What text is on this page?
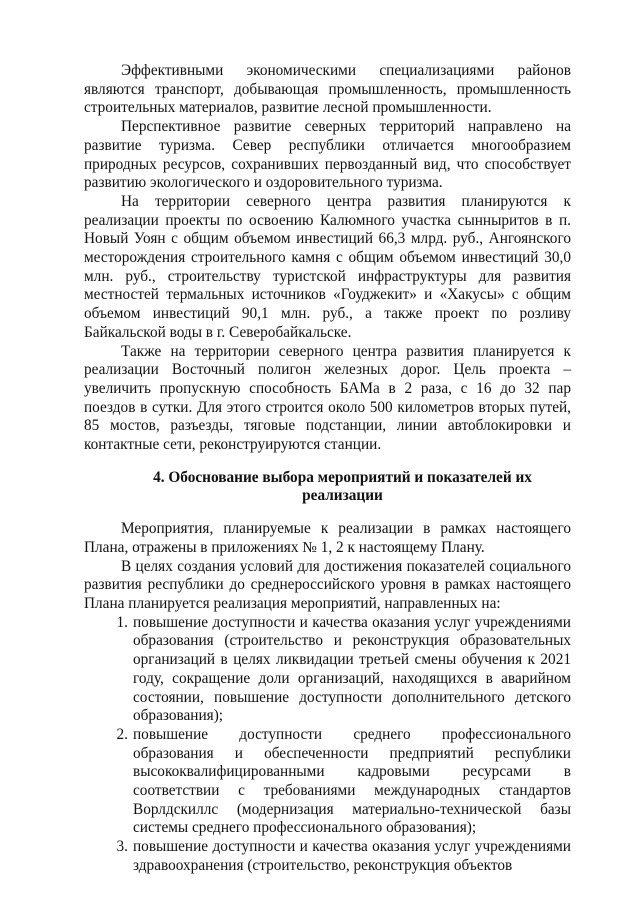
Эффективными экономическими специализациями районов являются транспорт, добывающая промышленность, промышленность строительных материалов, развитие лесной промышленности.

Перспективное развитие северных территорий направлено на развитие туризма. Север республики отличается многообразием природных ресурсов, сохранивших первозданный вид, что способствует развитию экологического и оздоровительного туризма.

На территории северного центра развития планируются к реализации проекты по освоению Калюмного участка сынныритов в п. Новый Уоян с общим объемом инвестиций 66,3 млрд. руб., Ангоянского месторождения строительного камня с общим объемом инвестиций 30,0 млн. руб., строительству туристской инфраструктуры для развития местностей термальных источников «Гоуджекит» и «Хакусы» с общим объемом инвестиций 90,1 млн. руб., а также проект по розливу Байкальской воды в г. Северобайкальске.

Также на территории северного центра развития планируется к реализации Восточный полигон железных дорог. Цель проекта – увеличить пропускную способность БАМа в 2 раза, с 16 до 32 пар поездов в сутки. Для этого строится около 500 километров вторых путей, 85 мостов, разъезды, тяговые подстанции, линии автоблокировки и контактные сети, реконструируются станции.

4. Обоснование выбора мероприятий и показателей их реализации

Мероприятия, планируемые к реализации в рамках настоящего Плана, отражены в приложениях № 1, 2 к настоящему Плану.

В целях создания условий для достижения показателей социального развития республики до среднероссийского уровня в рамках настоящего Плана планируется реализация мероприятий, направленных на:

1. повышение доступности и качества оказания услуг учреждениями образования (строительство и реконструкция образовательных организаций в целях ликвидации третьей смены обучения к 2021 году, сокращение доли организаций, находящихся в аварийном состоянии, повышение доступности дополнительного детского образования);
2. повышение доступности среднего профессионального образования и обеспеченности предприятий республики высококвалифицированными кадровыми ресурсами в соответствии с требованиями международных стандартов Ворлдскиллс (модернизация материально-технической базы системы среднего профессионального образования);
3. повышение доступности и качества оказания услуг учреждениями здравоохранения (строительство, реконструкция объектов
